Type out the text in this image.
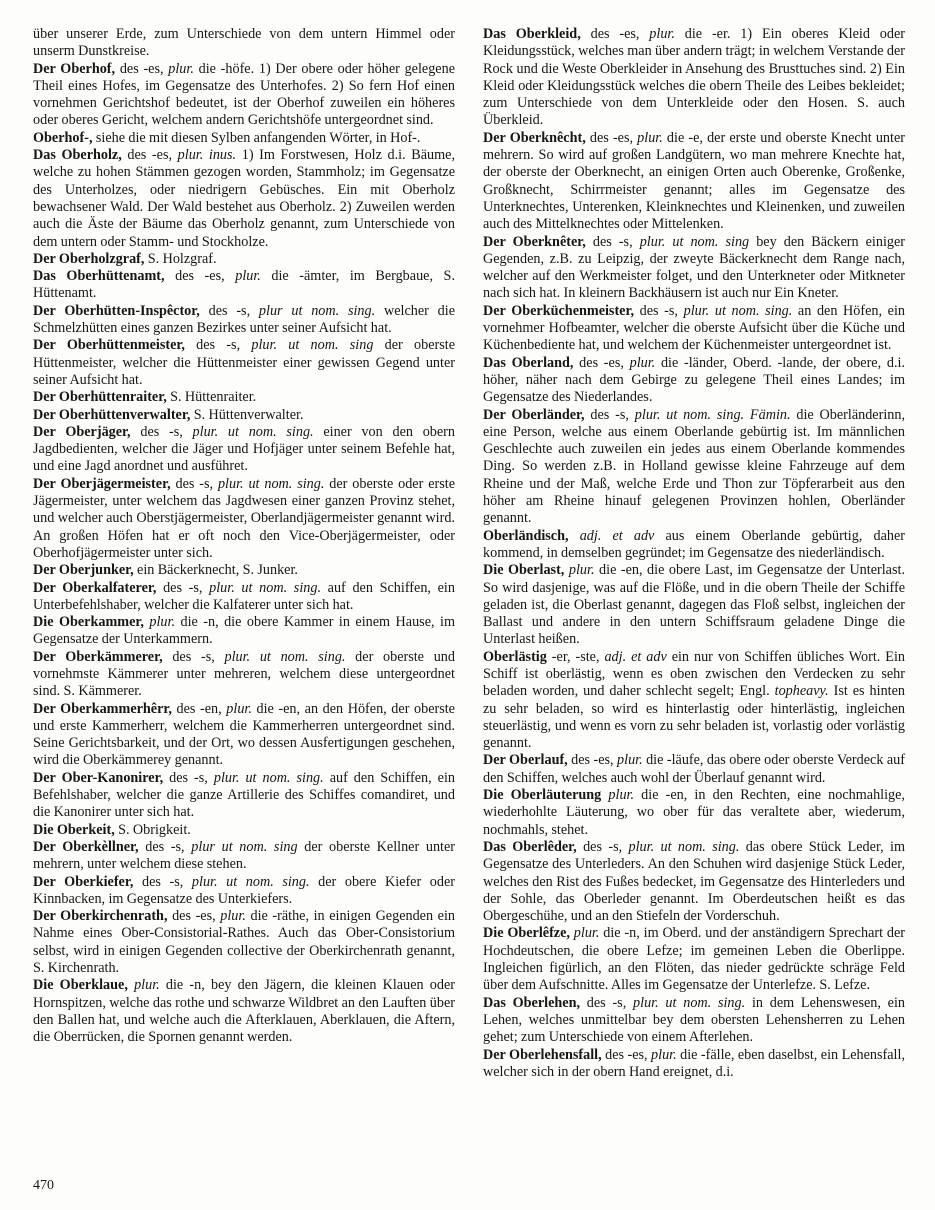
über unserer Erde, zum Unterschiede von dem untern Himmel oder unserm Dunstkreise.

Der Oberhof, des -es, plur. die -höfe. 1) Der obere oder höher gelegene Theil eines Hofes, im Gegensatze des Unterhofes. 2) So fern Hof einen vornehmen Gerichtshof bedeutet, ist der Oberhof zuweilen ein höheres oder oberes Gericht, welchem andern Gerichtshöfe untergeordnet sind.

Oberhof-, siehe die mit diesen Sylben anfangenden Wörter, in Hof-.

Das Oberholz, des -es, plur. inus. 1) Im Forstwesen, Holz d.i. Bäume, welche zu hohen Stämmen gezogen worden, Stammholz; im Gegensatze des Unterholzes, oder niedrigern Gebüsches. Ein mit Oberholz bewachsener Wald. Der Wald bestehet aus Oberholz. 2) Zuweilen werden auch die Äste der Bäume das Oberholz genannt, zum Unterschiede von dem untern oder Stamm- und Stockholze.

Der Oberholzgraf, S. Holzgraf.

Das Oberhüttenamt, des -es, plur. die -ämter, im Bergbaue, S. Hüttenamt.

Der Oberhütten-Inspêctor, des -s, plur ut nom. sing. welcher die Schmelzhütten eines ganzen Bezirkes unter seiner Aufsicht hat.

Der Oberhüttenmeister, des -s, plur. ut nom. sing der oberste Hüttenmeister, welcher die Hüttenmeister einer gewissen Gegend unter seiner Aufsicht hat.

Der Oberhüttenraiter, S. Hüttenraiter.

Der Oberhüttenverwalter, S. Hüttenverwalter.

Der Oberjäger, des -s, plur. ut nom. sing. einer von den obern Jagdbedienten, welcher die Jäger und Hofjäger unter seinem Befehle hat, und eine Jagd anordnet und ausführet.

Der Oberjägermeister, des -s, plur. ut nom. sing. der oberste oder erste Jägermeister, unter welchem das Jagdwesen einer ganzen Provinz stehet, und welcher auch Oberstjägermeister, Oberlandjägermeister genannt wird. An großen Höfen hat er oft noch den Vice-Oberjägermeister, oder Oberhofjägermeister unter sich.

Der Oberjunker, ein Bäckerknecht, S. Junker.

Der Oberkalfaterer, des -s, plur. ut nom. sing. auf den Schiffen, ein Unterbefehlshaber, welcher die Kalfaterer unter sich hat.

Die Oberkammer, plur. die -n, die obere Kammer in einem Hause, im Gegensatze der Unterkammern.

Der Oberkämmerer, des -s, plur. ut nom. sing. der oberste und vornehmste Kämmerer unter mehreren, welchem diese untergeordnet sind. S. Kämmerer.

Der Oberkammerhêrr, des -en, plur. die -en, an den Höfen, der oberste und erste Kammerherr, welchem die Kammerherren untergeordnet sind. Seine Gerichtsbarkeit, und der Ort, wo dessen Ausfertigungen geschehen, wird die Oberkämmerey genannt.

Der Ober-Kanonirer, des -s, plur. ut nom. sing. auf den Schiffen, ein Befehlshaber, welcher die ganze Artillerie des Schiffes comandiret, und die Kanonirer unter sich hat.

Die Oberkeit, S. Obrigkeit.

Der Oberkèllner, des -s, plur ut nom. sing der oberste Kellner unter mehrern, unter welchem diese stehen.

Der Oberkiefer, des -s, plur. ut nom. sing. der obere Kiefer oder Kinnbacken, im Gegensatze des Unterkiefers.

Der Oberkirchenrath, des -es, plur. die -räthe, in einigen Gegenden ein Nahme eines Ober-Consistorial-Rathes. Auch das Ober-Consistorium selbst, wird in einigen Gegenden collective der Oberkirchenrath genannt, S. Kirchenrath.

Die Oberklaue, plur. die -n, bey den Jägern, die kleinen Klauen oder Hornspitzen, welche das rothe und schwarze Wildbret an den Lauften über den Ballen hat, und welche auch die Afterklauen, Aberklauen, die Aftern, die Oberrücken, die Spornen genannt werden.

Das Oberkleid, des -es, plur. die -er. 1) Ein oberes Kleid oder Kleidungsstück, welches man über andern trägt; in welchem Verstande der Rock und die Weste Oberkleider in Ansehung des Brusttuches sind. 2) Ein Kleid oder Kleidungsstück welches die obern Theile des Leibes bekleidet; zum Unterschiede von dem Unterkleide oder den Hosen. S. auch Überkleid.

Der Oberknêcht, des -es, plur. die -e, der erste und oberste Knecht unter mehrern. So wird auf großen Landgütern, wo man mehrere Knechte hat, der oberste der Oberknecht, an einigen Orten auch Oberenke, Großenke, Großknecht, Schirrmeister genannt; alles im Gegensatze des Unterknechtes, Unterenken, Kleinknechtes und Kleinenken, und zuweilen auch des Mittelknechtes oder Mittelenken.

Der Oberknêter, des -s, plur. ut nom. sing bey den Bäckern einiger Gegenden, z.B. zu Leipzig, der zweyte Bäckerknecht dem Range nach, welcher auf den Werkmeister folget, und den Unterkneter oder Mitkneter nach sich hat. In kleinern Backhäusern ist auch nur Ein Kneter.

Der Oberküchenmeister, des -s, plur. ut nom. sing. an den Höfen, ein vornehmer Hofbeamter, welcher die oberste Aufsicht über die Küche und Küchenbediente hat, und welchem der Küchenmeister untergeordnet ist.

Das Oberland, des -es, plur. die -länder, Oberd. -lande, der obere, d.i. höher, näher nach dem Gebirge zu gelegene Theil eines Landes; im Gegensatze des Niederlandes.

Der Oberländer, des -s, plur. ut nom. sing. Fämin. die Oberländerinn, eine Person, welche aus einem Oberlande gebürtig ist. Im männlichen Geschlechte auch zuweilen ein jedes aus einem Oberlande kommendes Ding. So werden z.B. in Holland gewisse kleine Fahrzeuge auf dem Rheine und der Maß, welche Erde und Thon zur Töpferarbeit aus den höher am Rheine hinauf gelegenen Provinzen hohlen, Oberländer genannt.

Oberländisch, adj. et adv aus einem Oberlande gebürtig, daher kommend, in demselben gegründet; im Gegensatze des niederländisch.

Die Oberlast, plur. die -en, die obere Last, im Gegensatze der Unterlast. So wird dasjenige, was auf die Flöße, und in die obern Theile der Schiffe geladen ist, die Oberlast genannt, dagegen das Floß selbst, ingleichen der Ballast und andere in den untern Schiffsraum geladene Dinge die Unterlast heißen.

Oberlästig -er, -ste, adj. et adv ein nur von Schiffen übliches Wort. Ein Schiff ist oberlästig, wenn es oben zwischen den Verdecken zu sehr beladen worden, und daher schlecht segelt; Engl. topheavy. Ist es hinten zu sehr beladen, so wird es hinterlastig oder hinterlästig, ingleichen steuerlästig, und wenn es vorn zu sehr beladen ist, vorlastig oder vorlästig genannt.

Der Oberlauf, des -es, plur. die -läufe, das obere oder oberste Verdeck auf den Schiffen, welches auch wohl der Überlauf genannt wird.

Die Oberläuterung plur. die -en, in den Rechten, eine nochmahlige, wiederhohlte Läuterung, wo ober für das veraltete aber, wiederum, nochmahls, stehet.

Das Oberlêder, des -s, plur. ut nom. sing. das obere Stück Leder, im Gegensatze des Unterleders. An den Schuhen wird dasjenige Stück Leder, welches den Rist des Fußes bedecket, im Gegensatze des Hinterleders und der Sohle, das Oberleder genannt. Im Oberdeutschen heißt es das Obergeschühe, und an den Stiefeln der Vorderschuh.

Die Oberlêfze, plur. die -n, im Oberd. und der anständigern Sprechart der Hochdeutschen, die obere Lefze; im gemeinen Leben die Oberlippe. Ingleichen figürlich, an den Flöten, das nieder gedrückte schräge Feld über dem Aufschnitte. Alles im Gegensatze der Unterlefze. S. Lefze.

Das Oberlehen, des -s, plur. ut nom. sing. in dem Lehenswesen, ein Lehen, welches unmittelbar bey dem obersten Lehensherren zu Lehen gehet; zum Unterschiede von einem Afterlehen.

Der Oberlehensfall, des -es, plur. die -fälle, eben daselbst, ein Lehensfall, welcher sich in der obern Hand ereignet, d.i.

470
